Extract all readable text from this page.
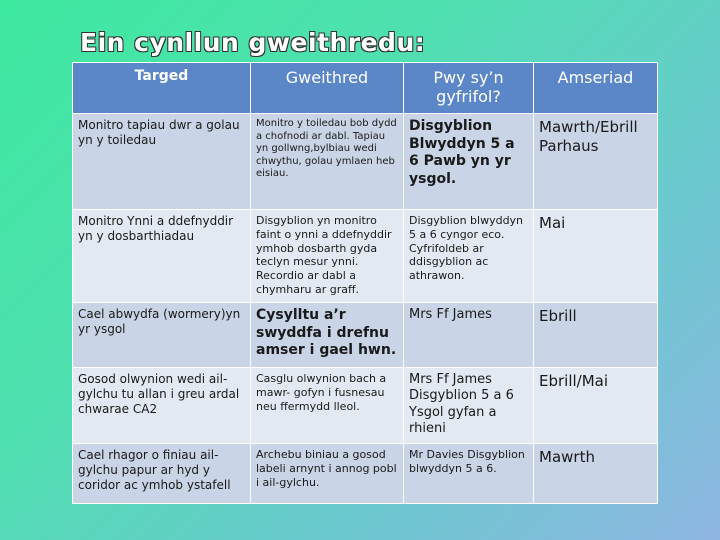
Ein cynllun gweithredu:
Targed	Gweithred	Pwy sy’n gyfrifol?	Amseriad
Monitro tapiau dwr a golau yn y toiledau	Monitro y toiledau bob dydd a chofnodi ar dabl. Tapiau yn gollwng,bylbiau wedi chwythu, golau ymlaen heb eisiau.	Disgyblion Blwyddyn 5 a 6 Pawb yn yr ysgol.	Mawrth/Ebrill Parhaus
Monitro Ynni a ddefnyddir yn y dosbarthiadau	Disgyblion yn monitro faint o ynni a ddefnyddir ymhob dosbarth gyda teclyn mesur ynni. Recordio ar dabl a chymharu ar graff.	Disgyblion blwyddyn 5 a 6 cyngor eco. Cyfrifoldeb ar ddisgyblion ac athrawon.	Mai
Cael abwydfa (wormery)yn yr ysgol	Cysylltu a’r swyddfa i drefnu amser i gael hwn.	Mrs Ff James	Ebrill
Gosod olwynion wedi ail-gylchu tu allan i greu ardal chwarae CA2	Casglu olwynion bach a mawr- gofyn i fusnesau neu ffermydd lleol.	Mrs Ff James Disgyblion 5 a 6 Ysgol gyfan a rhieni	Ebrill/Mai
Cael rhagor o finiau ail-gylchu papur ar hyd y coridor ac ymhob ystafell	Archebu biniau a gosod labeli arnynt i annog pobl i ail-gylchu.	Mr Davies Disgyblion blwyddyn 5 a 6.	Mawrth
